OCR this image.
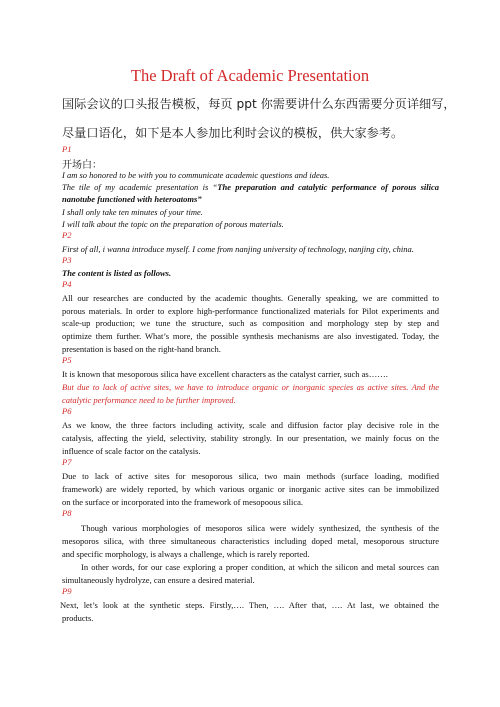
The Draft of Academic Presentation
国际会议的口头报告模板，每页 ppt 你需要讲什么东西需要分页详细写，
尽量口语化，如下是本人参加比利时会议的模板，供大家参考。
P1
开场白：
I am so honored to be with you to communicate academic questions and ideas.
The tile of my academic presentation is “The preparation and catalytic performance of porous silica
nanotube functioned with heteroatoms”
I shall only take ten minutes of your time.
I will talk about the topic on the preparation of porous materials.
P2
First of all, i wanna introduce myself. I come from nanjing university of technology, nanjing city, china.
P3
The content is listed as follows.
P4
All our researches are conducted by the academic thoughts. Generally speaking, we are committed to
porous materials. In order to explore high-performance functionalized materials for Pilot experiments and
scale-up production; we tune the structure, such as composition and morphology step by step and
optimize them further. What’s more, the possible synthesis mechanisms are also investigated. Today, the
presentation is based on the right-hand branch.
P5
It is known that mesoporous silica have excellent characters as the catalyst carrier, such as…….
But due to lack of active sites, we have to introduce organic or inorganic species as active sites. And the
catalytic performance need to be further improved.
P6
As we know, the three factors including activity, scale and diffusion factor play decisive role in the
catalysis, affecting the yield, selectivity, stability strongly. In our presentation, we mainly focus on the
influence of scale factor on the catalysis.
P7
Due to lack of active sites for mesoporous silica, two main methods (surface loading, modified
framework) are widely reported, by which various organic or inorganic active sites can be immobilized
on the surface or incorporated into the framework of mesopoous silica.
P8
Though various morphologies of mesoporos silica were widely synthesized, the synthesis of the
mesoporos silica, with three simultaneous characteristics including doped metal, mesoporous structure
and specific morphology, is always a challenge, which is rarely reported.
In other words, for our case exploring a proper condition, at which the silicon and metal sources can
simultaneously hydrolyze, can ensure a desired material.
P9
Next, let’s look at the synthetic steps. Firstly,…. Then, …. After that, …. At last, we obtained the
products.
